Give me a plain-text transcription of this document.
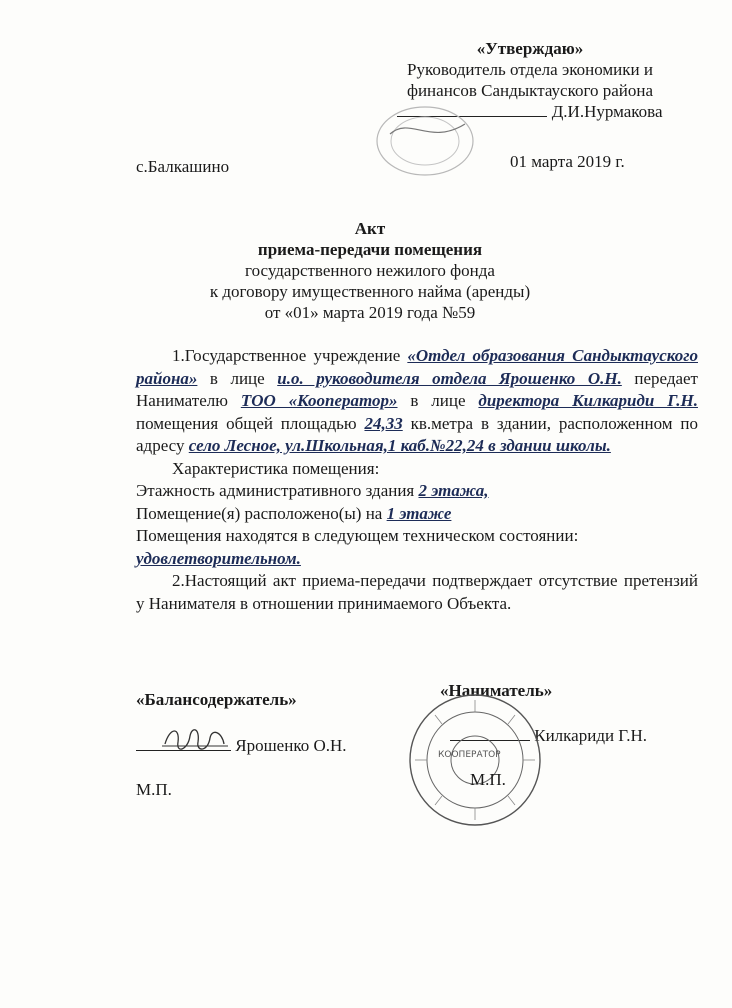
«Утверждаю»
Руководитель отдела экономики и
финансов Сандыктауского района
Д.И.Нурмакова
с.Балкашино	01 марта 2019 г.
Акт
приема-передачи помещения
государственного нежилого фонда
к договору имущественного найма (аренды)
от «01» марта 2019 года №59

1.Государственное учреждение «Отдел образования Сандыктауского района» в лице и.о. руководителя отдела Ярошенко О.Н. передает Нанимателю ТОО «Кооператор» в лице директора Килкариди Г.Н. помещения общей площадью 24,33 кв.метра в здании, расположенном по адресу село Лесное, ул.Школьная,1 каб.№22,24 в здании школы.

Характеристика помещения:

Этажность административного здания 2 этажа,

Помещение(я) расположено(ы) на 1 этаже

Помещения находятся в следующем техническом состоянии:

удовлетворительном.

2.Настоящий акт приема-передачи подтверждает отсутствие претензий у Нанимателя в отношении принимаемого Объекта.

«Балансодержатель»	«Наниматель»
Ярошенко О.Н.
Килкариди Г.Н.
М.П.
КООПЕРАТОР
М.П.
